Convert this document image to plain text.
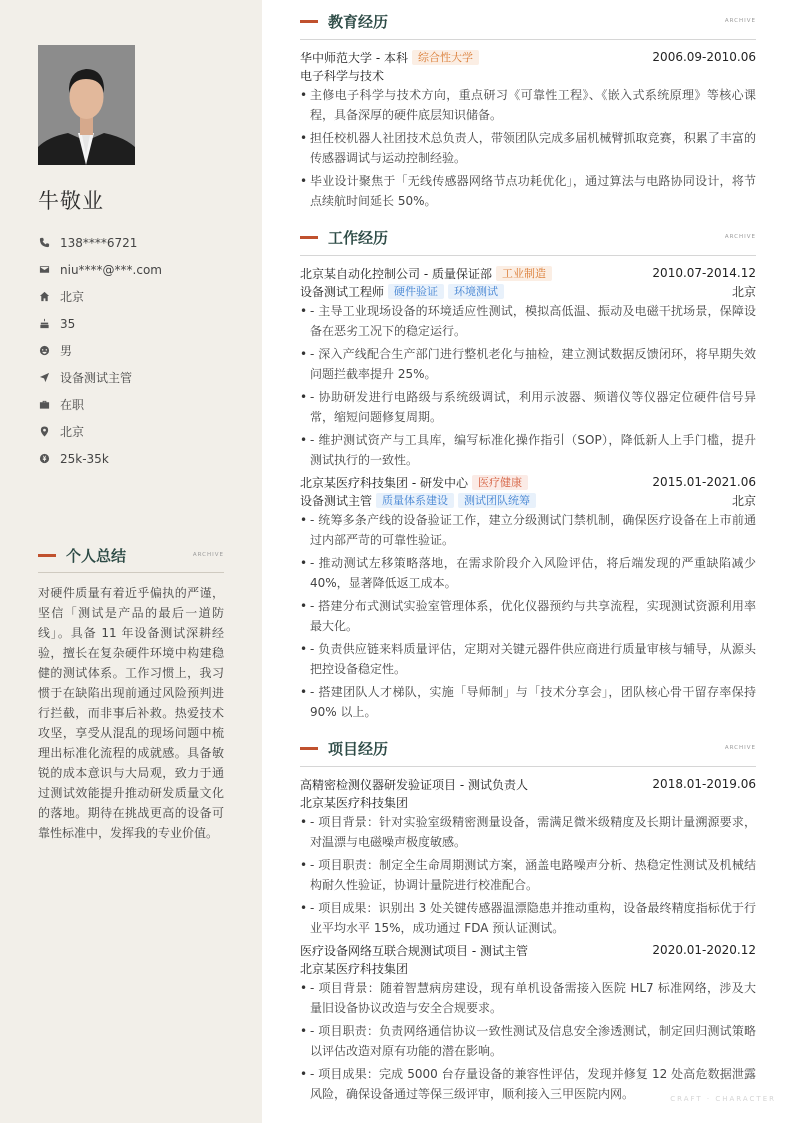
牛敬业
138****6721
niu****@***.com
北京
35
男
设备测试主管
在职
北京
25k-35k
个人总结	ARCHIVE

对硬件质量有着近乎偏执的严谨，坚信「测试是产品的最后一道防线」。具备 11 年设备测试深耕经验，擅长在复杂硬件环境中构建稳健的测试体系。工作习惯上，我习惯于在缺陷出现前通过风险预判进行拦截，而非事后补救。热爱技术攻坚，享受从混乱的现场问题中梳理出标准化流程的成就感。具备敏锐的成本意识与大局观，致力于通过测试效能提升推动研发质量文化的落地。期待在挑战更高的设备可靠性标准中，发挥我的专业价值。

教育经历	ARCHIVE
华中师范大学 - 本科 综合性大学	2006.09-2010.06
电子科学与技术
• 主修电子科学与技术方向，重点研习《可靠性工程》、《嵌入式系统原理》等核心课程，具备深厚的硬件底层知识储备。
• 担任校机器人社团技术总负责人，带领团队完成多届机械臂抓取竞赛，积累了丰富的传感器调试与运动控制经验。
• 毕业设计聚焦于「无线传感器网络节点功耗优化」，通过算法与电路协同设计，将节点续航时间延长 50%。
工作经历	ARCHIVE
北京某自动化控制公司 - 质量保证部 工业制造	2010.07-2014.12
设备测试工程师 硬件验证	环境测试	北京
• - 主导工业现场设备的环境适应性测试，模拟高低温、振动及电磁干扰场景，保障设备在恶劣工况下的稳定运行。
• - 深入产线配合生产部门进行整机老化与抽检，建立测试数据反馈闭环，将早期失效问题拦截率提升 25%。
• - 协助研发进行电路级与系统级调试，利用示波器、频谱仪等仪器定位硬件信号异常，缩短问题修复周期。
• - 维护测试资产与工具库，编写标准化操作指引（SOP），降低新人上手门槛，提升测试执行的一致性。
北京某医疗科技集团 - 研发中心 医疗健康	2015.01-2021.06
设备测试主管 质量体系建设	测试团队统筹	北京
• - 统筹多条产线的设备验证工作，建立分级测试门禁机制，确保医疗设备在上市前通过内部严苛的可靠性验证。
• - 推动测试左移策略落地，在需求阶段介入风险评估，将后端发现的严重缺陷减少 40%，显著降低返工成本。
• - 搭建分布式测试实验室管理体系，优化仪器预约与共享流程，实现测试资源利用率最大化。
• - 负责供应链来料质量评估，定期对关键元器件供应商进行质量审核与辅导，从源头把控设备稳定性。
• - 搭建团队人才梯队，实施「导师制」与「技术分享会」，团队核心骨干留存率保持 90% 以上。
项目经历	ARCHIVE
高精密检测仪器研发验证项目 - 测试负责人	2018.01-2019.06
北京某医疗科技集团
• - 项目背景：针对实验室级精密测量设备，需满足微米级精度及长期计量溯源要求，对温漂与电磁噪声极度敏感。
• - 项目职责：制定全生命周期测试方案，涵盖电路噪声分析、热稳定性测试及机械结构耐久性验证，协调计量院进行校准配合。
• - 项目成果：识别出 3 处关键传感器温漂隐患并推动重构，设备最终精度指标优于行业平均水平 15%，成功通过 FDA 预认证测试。
医疗设备网络互联合规测试项目 - 测试主管	2020.01-2020.12
北京某医疗科技集团
• - 项目背景：随着智慧病房建设，现有单机设备需接入医院 HL7 标准网络，涉及大量旧设备协议改造与安全合规要求。
• - 项目职责：负责网络通信协议一致性测试及信息安全渗透测试，制定回归测试策略以评估改造对原有功能的潜在影响。
• - 项目成果：完成 5000 台存量设备的兼容性评估，发现并修复 12 处高危数据泄露风险，确保设备通过等保三级评审，顺利接入三甲医院内网。	CRAFT · CHARACTER
